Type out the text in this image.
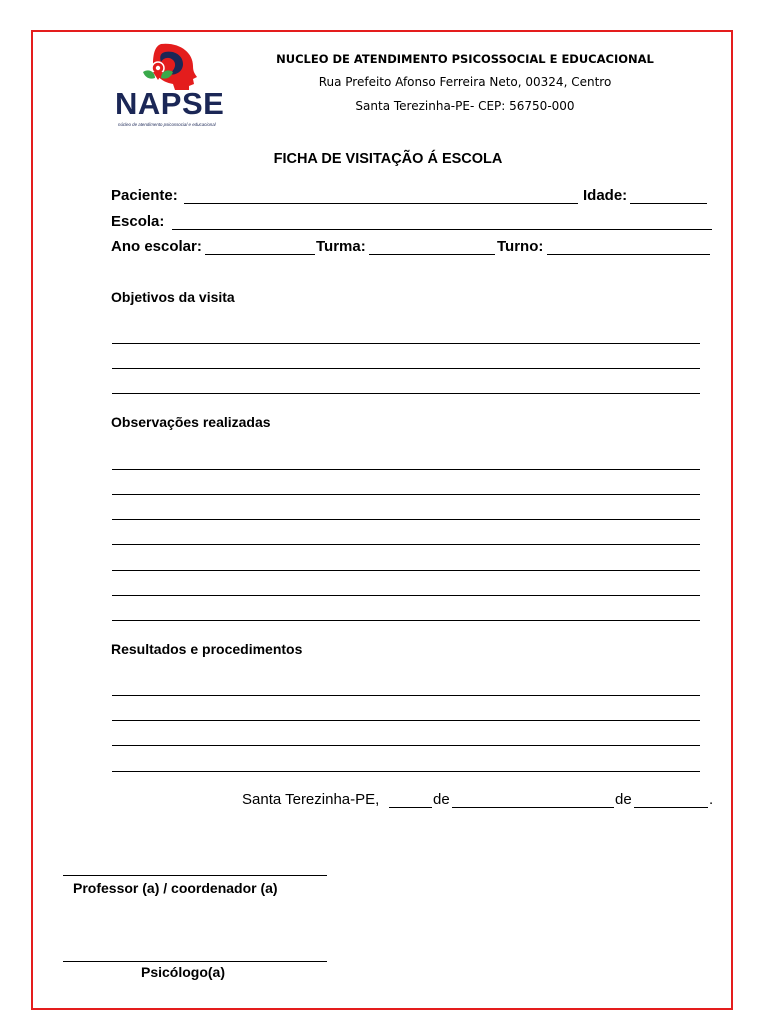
NAPSE
núcleo de atendimento psicossocial e educacional
NUCLEO DE ATENDIMENTO PSICOSSOCIAL E EDUCACIONAL
Rua Prefeito Afonso Ferreira Neto, 00324, Centro
Santa Terezinha-PE- CEP: 56750-000
FICHA DE VISITAÇÃO Á ESCOLA
Paciente:	Idade:
Escola:
Ano escolar:	Turma:	Turno:
Objetivos da visita
Observações realizadas
Resultados e procedimentos
Santa Terezinha-PE,	de	de	.
Professor (a) / coordenador (a)
Psicólogo(a)
